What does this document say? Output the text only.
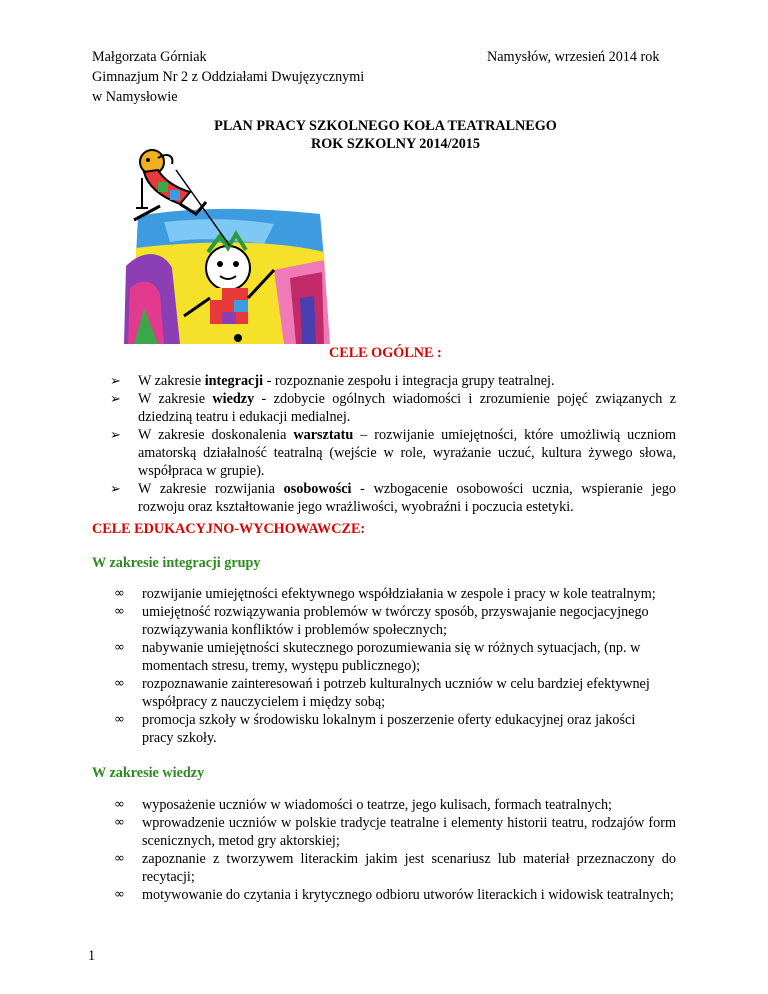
Małgorzata Górniak
Gimnazjum Nr 2 z Oddziałami Dwujęzycznymi
w Namysłowie
Namysłów, wrzesień 2014 rok
PLAN PRACY SZKOLNEGO KOŁA TEATRALNEGO
ROK SZKOLNY 2014/2015
CELE OGÓLNE :
➢ W zakresie integracji - rozpoznanie zespołu i integracja grupy teatralnej.
➢ W zakresie wiedzy - zdobycie ogólnych wiadomości i zrozumienie pojęć związanych z dziedziną teatru i edukacji medialnej.
➢ W zakresie doskonalenia warsztatu – rozwijanie umiejętności, które umożliwią uczniom amatorską działalność teatralną (wejście w role, wyrażanie uczuć, kultura żywego słowa, współpraca w grupie).
➢ W zakresie rozwijania osobowości - wzbogacenie osobowości ucznia, wspieranie jego rozwoju oraz kształtowanie jego wrażliwości, wyobraźni i poczucia estetyki.
CELE EDUKACYJNO-WYCHOWAWCZE:
W zakresie integracji grupy
∞ rozwijanie umiejętności efektywnego współdziałania w zespole i pracy w kole teatralnym;
∞ umiejętność rozwiązywania problemów w twórczy sposób, przyswajanie negocjacyjnego rozwiązywania konfliktów i problemów społecznych;
∞ nabywanie umiejętności skutecznego porozumiewania się w różnych sytuacjach, (np. w momentach stresu, tremy, występu publicznego);
∞ rozpoznawanie zainteresowań i potrzeb kulturalnych uczniów w celu bardziej efektywnej współpracy z nauczycielem i między sobą;
∞ promocja szkoły w środowisku lokalnym i poszerzenie oferty edukacyjnej oraz jakości pracy szkoły.
W zakresie wiedzy
∞ wyposażenie uczniów w wiadomości o teatrze, jego kulisach, formach teatralnych;
∞ wprowadzenie uczniów w polskie tradycje teatralne i elementy historii teatru, rodzajów form scenicznych, metod gry aktorskiej;
∞ zapoznanie z tworzywem literackim jakim jest scenariusz lub materiał przeznaczony do recytacji;
∞ motywowanie do czytania i krytycznego odbioru utworów literackich i widowisk teatralnych;
1
